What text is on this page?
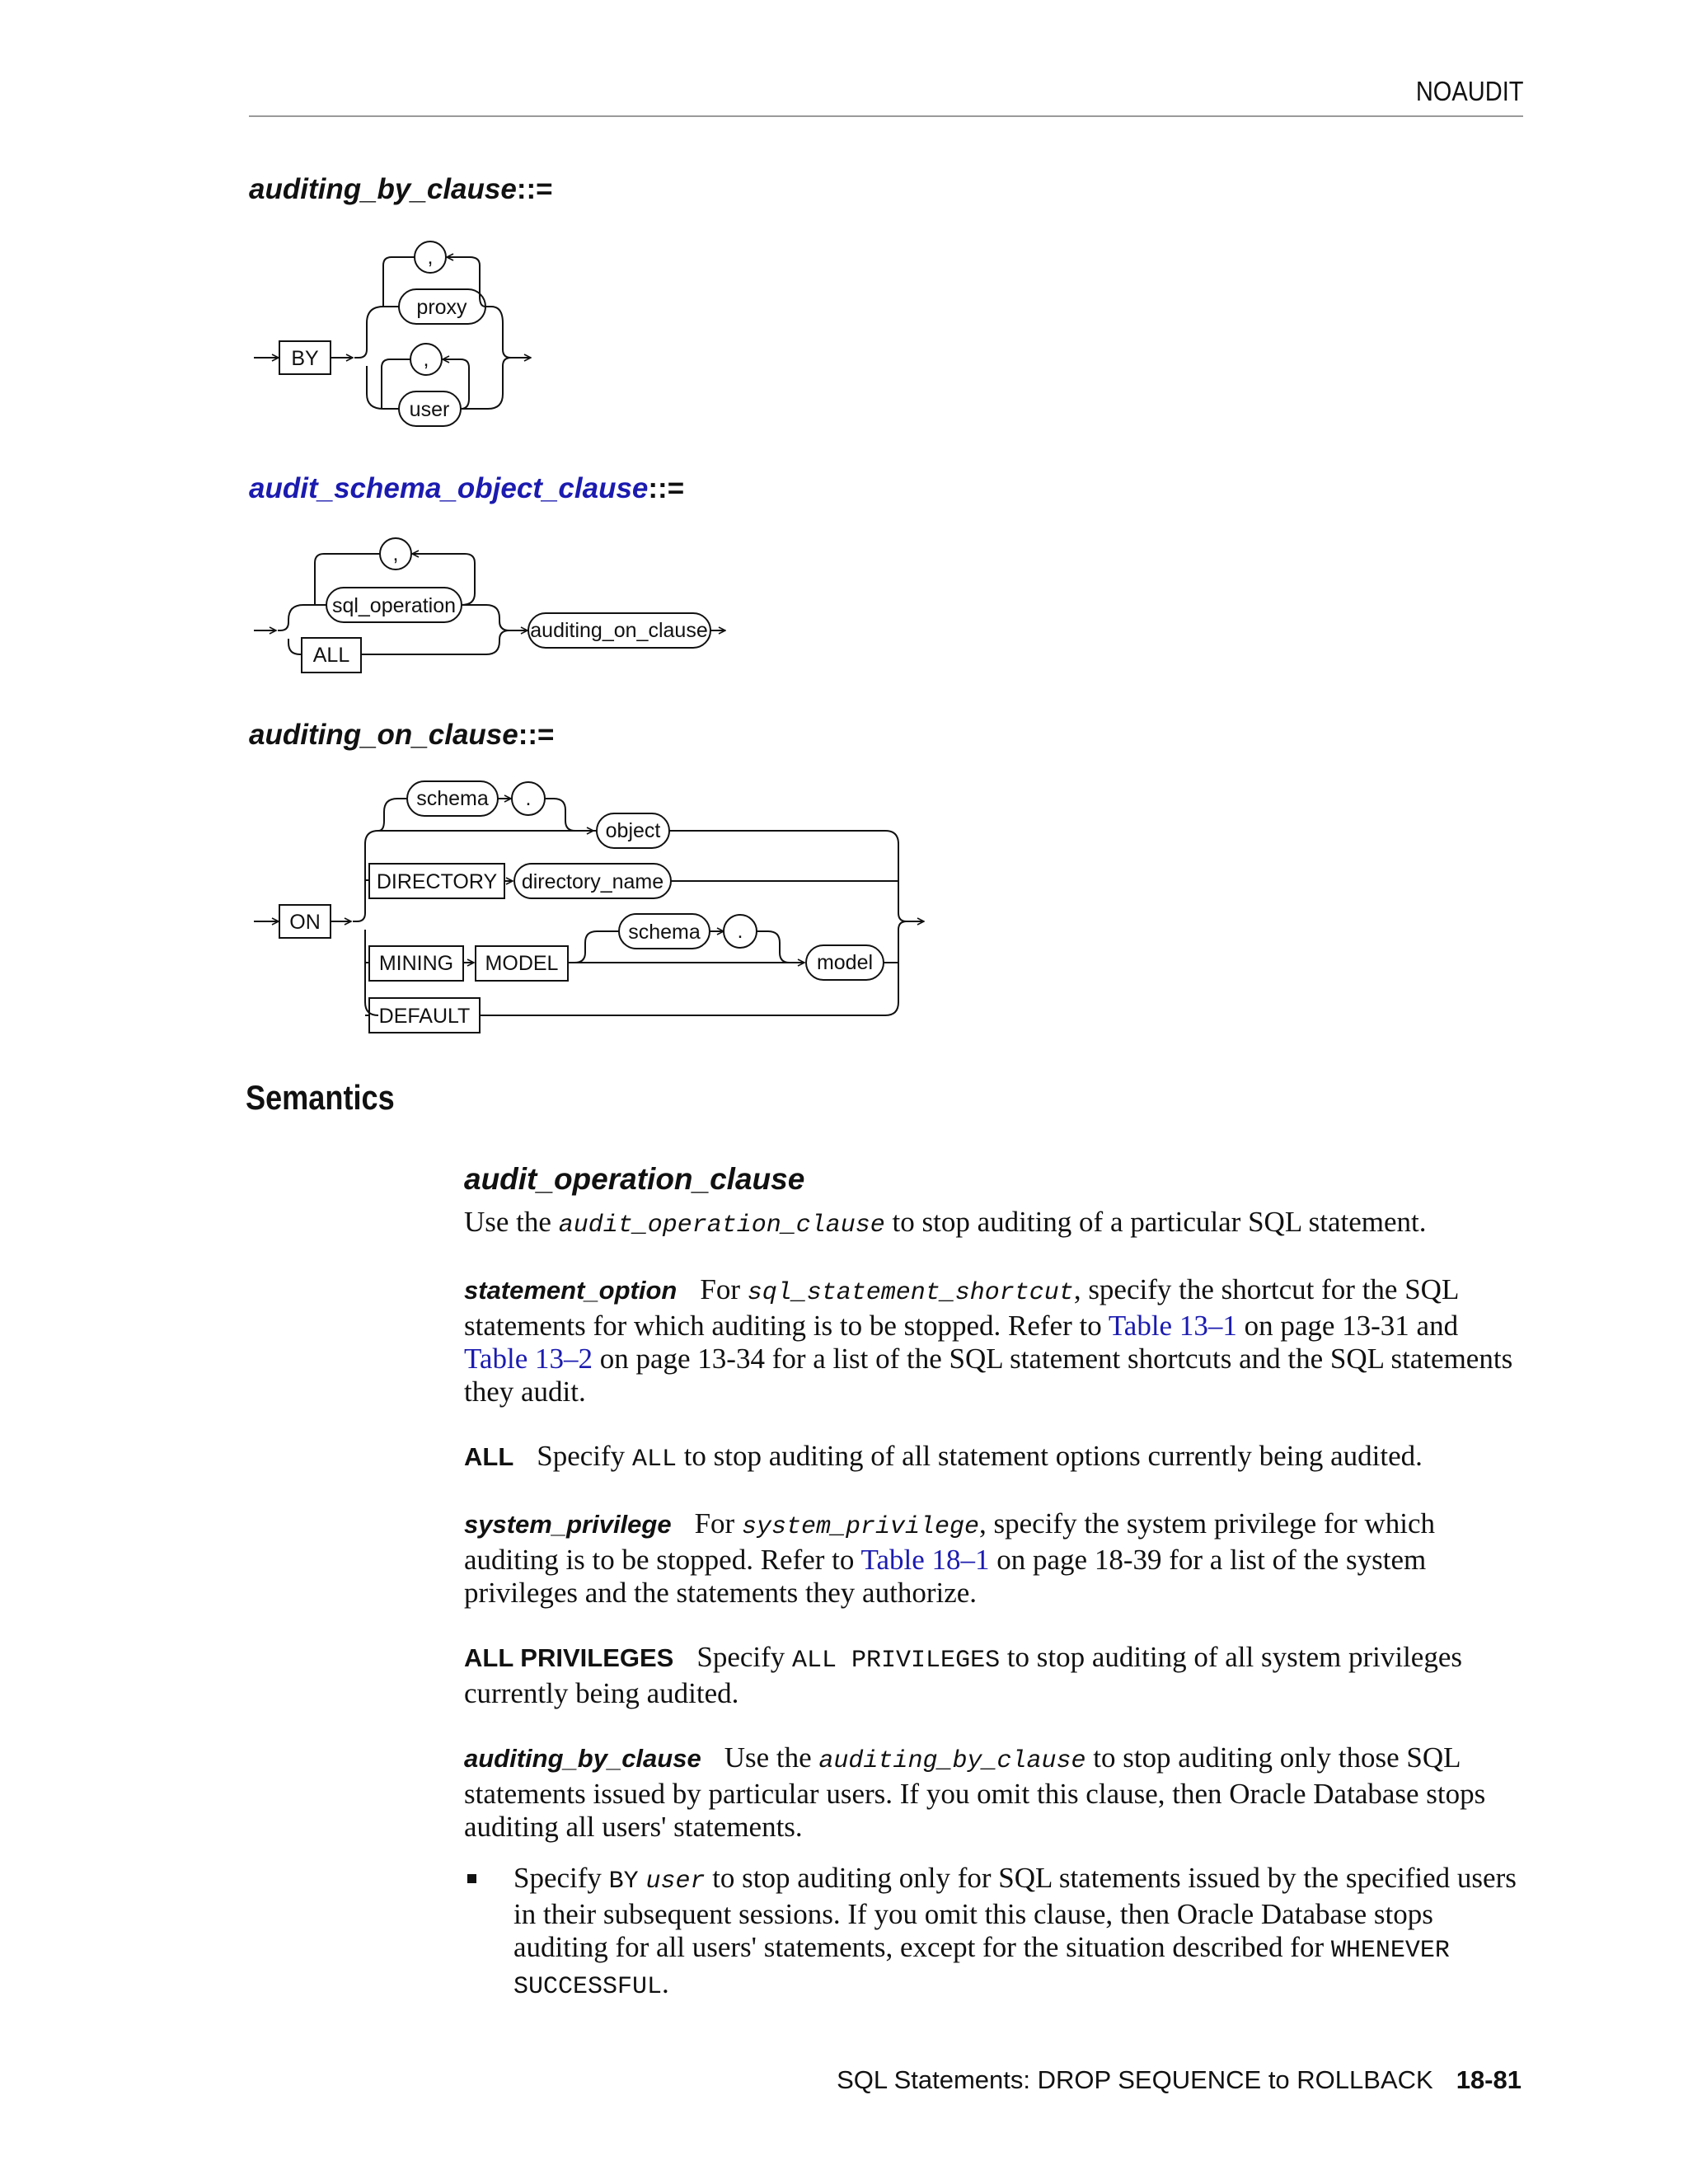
NOAUDIT
auditing_by_clause::=
audit_schema_object_clause::=
auditing_on_clause::=
BY
proxy
,
user
,
ALL
sql_operation
,
auditing_on_clause
ON
schema .
object
DIRECTORY directory_name
schema .
MINING MODEL	model
DEFAULT
Semantics
audit_operation_clause

Use the audit_operation_clause to stop auditing of a particular SQL statement.

statement_option For sql_statement_shortcut, specify the shortcut for the SQL statements for which auditing is to be stopped. Refer to Table 13–1 on page 13-31 and Table 13–2 on page 13-34 for a list of the SQL statement shortcuts and the SQL statements they audit.

ALL Specify ALL to stop auditing of all statement options currently being audited.

system_privilege For system_privilege, specify the system privilege for which auditing is to be stopped. Refer to Table 18–1 on page 18-39 for a list of the system privileges and the statements they authorize.

ALL PRIVILEGES Specify ALL PRIVILEGES to stop auditing of all system privileges currently being audited.

auditing_by_clause Use the auditing_by_clause to stop auditing only those SQL statements issued by particular users. If you omit this clause, then Oracle Database stops auditing all users' statements.

Specify BY user to stop auditing only for SQL statements issued by the specified users in their subsequent sessions. If you omit this clause, then Oracle Database stops auditing for all users' statements, except for the situation described for WHENEVER SUCCESSFUL.
SQL Statements: DROP SEQUENCE to ROLLBACK 18-81
